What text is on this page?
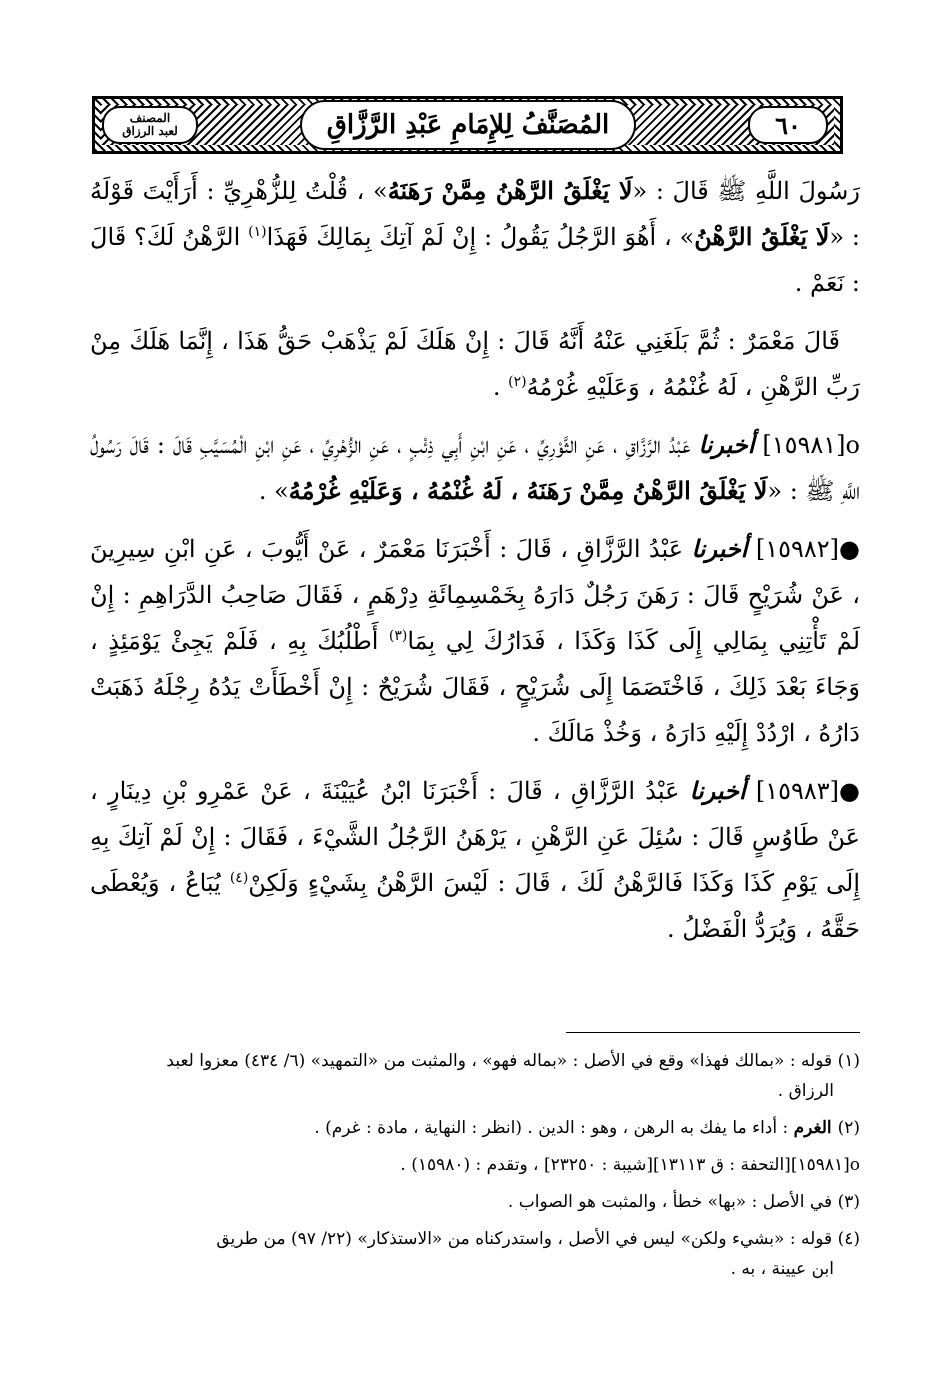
المصنف
لعبد الرزاق	المُصَنَّفُ لِلإِمَامِ عَبْدِ الرَّزَّاقِ	٦٠

رَسُولَ اللَّهِ ﷺ قَالَ : «لَا يَغْلَقُ الرَّهْنُ مِمَّنْ رَهَنَهُ» ، قُلْتُ لِلزُّهْرِيِّ : أَرَأَيْتَ قَوْلَهُ : «لَا يَغْلَقُ الرَّهْنُ» ، أَهُوَ الرَّجُلُ يَقُولُ : إِنْ لَمْ آتِكَ بِمَالِكَ فَهَذَا$^{(١)}$ الرَّهْنُ لَكَ؟ قَالَ : نَعَمْ .

قَالَ مَعْمَرٌ : ثُمَّ بَلَغَنِي عَنْهُ أَنَّهُ قَالَ : إِنْ هَلَكَ لَمْ يَذْهَبْ حَقُّ هَذَا ، إِنَّمَا هَلَكَ مِنْ رَبِّ الرَّهْنِ ، لَهُ غُنْمُهُ ، وَعَلَيْهِ غُرْمُهُ$^{(٢)}$ .

ο[١٥٩٨١] أخبرنا عَبْدُ الرَّزَّاقِ ، عَنِ الثَّوْرِيِّ ، عَنِ ابْنِ أَبِي ذِئْبٍ ، عَنِ الزُّهْرِيِّ ، عَنِ ابْنِ الْمُسَيَّبِ قَالَ : قَالَ رَسُولُ اللَّهِ ﷺ : «لَا يَغْلَقُ الرَّهْنُ مِمَّنْ رَهَنَهُ ، لَهُ غُنْمُهُ ، وَعَلَيْهِ غُرْمُهُ» .

●[١٥٩٨٢] أخبرنا عَبْدُ الرَّزَّاقِ ، قَالَ : أَخْبَرَنَا مَعْمَرٌ ، عَنْ أَيُّوبَ ، عَنِ ابْنِ سِيرِينَ ، عَنْ شُرَيْحٍ قَالَ : رَهَنَ رَجُلٌ دَارَهُ بِخَمْسِمِائَةِ دِرْهَمٍ ، فَقَالَ صَاحِبُ الدَّرَاهِمِ : إِنْ لَمْ تَأْتِنِي بِمَالِي إِلَى كَذَا وَكَذَا ، فَدَارُكَ لِي بِمَا$^{(٣)}$ أَطْلُبُكَ بِهِ ، فَلَمْ يَجِئْ يَوْمَئِذٍ ، وَجَاءَ بَعْدَ ذَلِكَ ، فَاخْتَصَمَا إِلَى شُرَيْحٍ ، فَقَالَ شُرَيْحٌ : إِنْ أَخْطَأَتْ يَدُهُ رِجْلَهُ ذَهَبَتْ دَارُهُ ، ارْدُدْ إِلَيْهِ دَارَهُ ، وَخُذْ مَالَكَ .

●[١٥٩٨٣] أخبرنا عَبْدُ الرَّزَّاقِ ، قَالَ : أَخْبَرَنَا ابْنُ عُيَيْنَةَ ، عَنْ عَمْرِو بْنِ دِينَارٍ ، عَنْ طَاوُسٍ قَالَ : سُئِلَ عَنِ الرَّهْنِ ، يَرْهَنُ الرَّجُلُ الشَّيْءَ ، فَقَالَ : إِنْ لَمْ آتِكَ بِهِ إِلَى يَوْمِ كَذَا وَكَذَا فَالرَّهْنُ لَكَ ، قَالَ : لَيْسَ الرَّهْنُ بِشَيْءٍ وَلَكِنْ$^{(٤)}$ يُبَاعُ ، وَيُعْطَى حَقَّهُ ، وَيُرَدُّ الْفَضْلُ .

(١) قوله : «بمالك فهذا» وقع في الأصل : «بماله فهو» ، والمثبت من «التمهيد» (٦/ ٤٣٤) معزوا لعبد
الرزاق .

(٢) الغرم : أداء ما يفك به الرهن ، وهو : الدين . (انظر : النهاية ، مادة : غرم) .

ο[١٥٩٨١][التحفة : ق ١٣١١٣][شيبة : ٢٣٢٥٠] ، وتقدم : (١٥٩٨٠) .

(٣) في الأصل : «بها» خطأ ، والمثبت هو الصواب .

(٤) قوله : «بشيء ولكن» ليس في الأصل ، واستدركناه من «الاستذكار» (٢٢/ ٩٧) من طريق
ابن عيينة ، به .
